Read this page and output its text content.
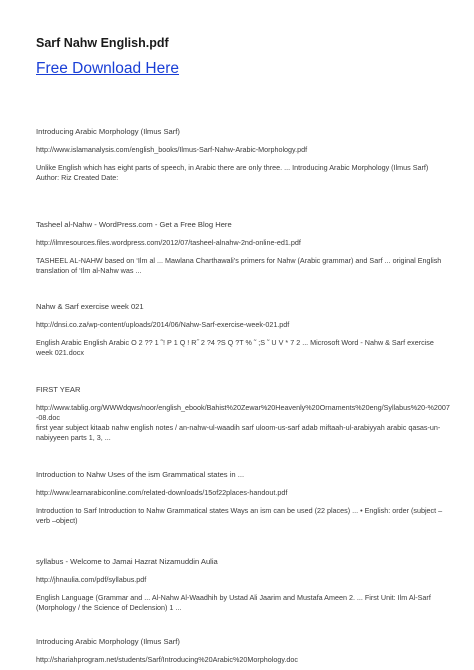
Sarf Nahw English.pdf
Free Download Here

Introducing Arabic Morphology (Ilmus Sarf)

http://www.islamanalysis.com/english_books/Ilmus-Sarf-Nahw-Arabic-Morphology.pdf

Unlike English which has eight parts of speech, in Arabic there are only three. ... Introducing Arabic Morphology (Ilmus Sarf) Author: Riz Created Date:

Tasheel al-Nahw - WordPress.com - Get a Free Blog Here

http://ilmresources.files.wordpress.com/2012/07/tasheel-alnahw-2nd-online-ed1.pdf

TASHEEL AL-NAHW based on ‘Ilm al ... Mawlana Charthawali’s primers for Nahw (Arabic grammar) and Sarf ... original English translation of ‘Ilm al-Nahw was ...

Nahw & Sarf exercise week 021

http://dnsi.co.za/wp-content/uploads/2014/06/Nahw-Sarf-exercise-week-021.pdf

English Arabic English Arabic O 2 ?? 1 ˜! P 1 Q ! R˝ 2 ?4 ?S Q ?T % ˜ ;S ˜ U V * 7 2 ... Microsoft Word - Nahw & Sarf exercise week 021.docx

FIRST YEAR

http://www.tablig.org/WWWdqws/noor/english_ebook/Bahist%20Zewar%20Heavenly%20Ornaments%20eng/Syllabus%20-%2007-08.doc

first year subject kitaab nahw english notes / an-nahw-ul-waadih sarf uloom-us-sarf adab miftaah-ul-arabiyyah arabic qasas-un-nabiyyeen parts 1, 3, ...

Introduction to Nahw Uses of the ism Grammatical states in ...

http://www.learnarabiconline.com/related-downloads/15of22places-handout.pdf

Introduction to Sarf Introduction to Nahw Grammatical states Ways an ism can be used (22 places) ... • English: order (subject –verb –object)

syllabus - Welcome to Jamai Hazrat Nizamuddin Aulia

http://jhnaulia.com/pdf/syllabus.pdf

English Language (Grammar and ... Al-Nahw Al-Waadhih by Ustad Ali Jaarim and Mustafa Ameen 2. ... First Unit: Ilm Al-Sarf (Morphology / the Science of Declension) 1 ...

Introducing Arabic Morphology (Ilmus Sarf)

http://shariahprogram.net/students/Sarf/Introducing%20Arabic%20Morphology.doc
